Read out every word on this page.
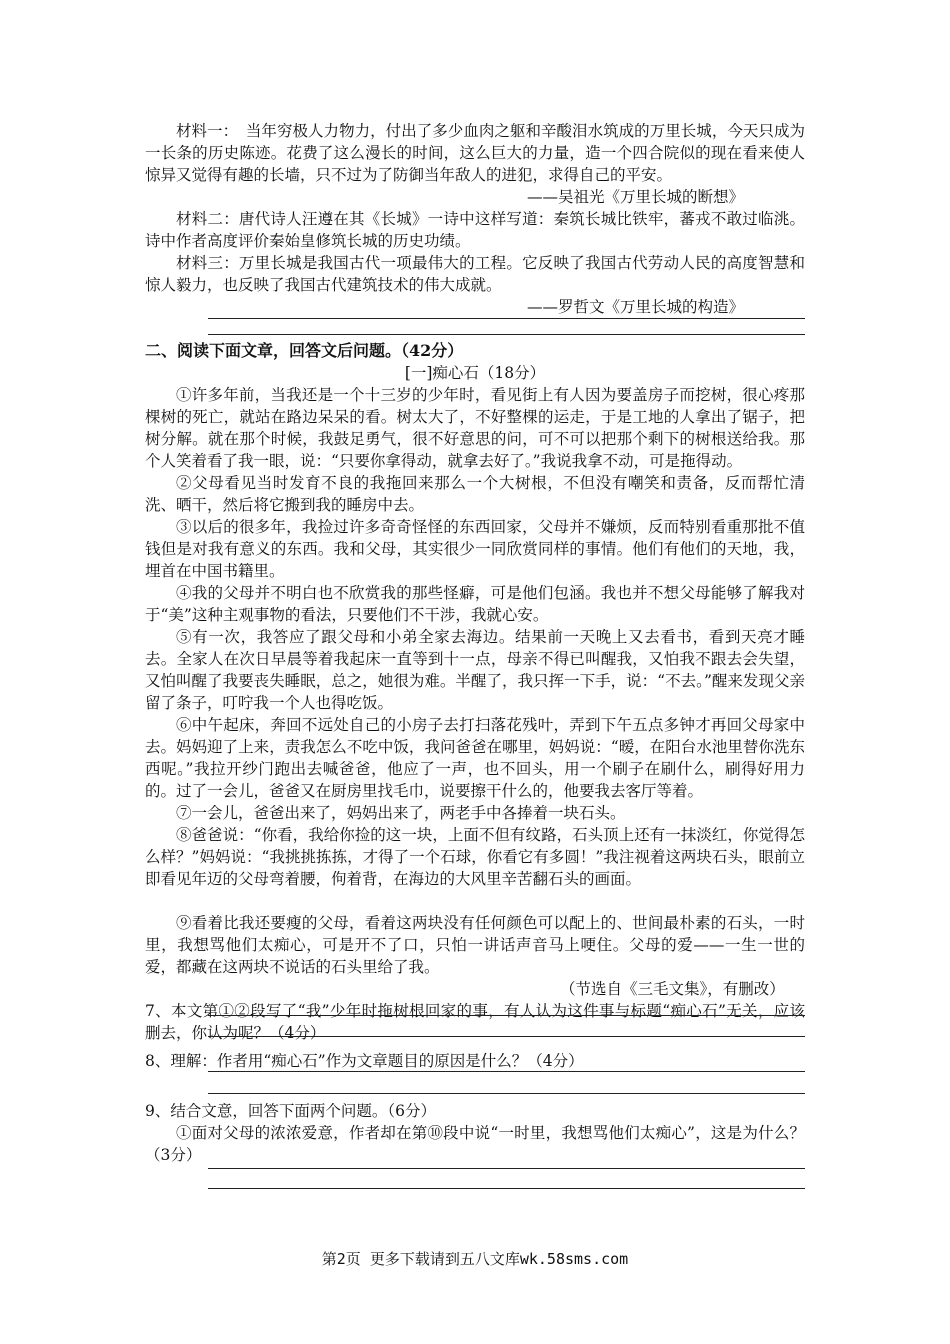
材料一：　当年穷极人力物力，付出了多少血肉之躯和辛酸泪水筑成的万里长城，今天只成为一长条的历史陈迹。花费了这么漫长的时间，这么巨大的力量，造一个四合院似的现在看来使人惊异又觉得有趣的长墙，只不过为了防御当年敌人的进犯，求得自己的平安。

——吴祖光《万里长城的断想》

材料二：唐代诗人汪遵在其《长城》一诗中这样写道：秦筑长城比铁牢，蕃戎不敢过临洮。诗中作者高度评价秦始皇修筑长城的历史功绩。

材料三：万里长城是我国古代一项最伟大的工程。它反映了我国古代劳动人民的高度智慧和惊人毅力，也反映了我国古代建筑技术的伟大成就。

——罗哲文《万里长城的构造》
二、阅读下面文章，回答文后问题。（42分）
[一]痴心石（18分）

①许多年前，当我还是一个十三岁的少年时，看见街上有人因为要盖房子而挖树，很心疼那棵树的死亡，就站在路边呆呆的看。树太大了，不好整棵的运走，于是工地的人拿出了锯子，把树分解。就在那个时候，我鼓足勇气，很不好意思的问，可不可以把那个剩下的树根送给我。那个人笑着看了我一眼，说：“只要你拿得动，就拿去好了。”我说我拿不动，可是拖得动。

②父母看见当时发育不良的我拖回来那么一个大树根，不但没有嘲笑和责备，反而帮忙清洗、晒干，然后将它搬到我的睡房中去。

③以后的很多年，我捡过许多奇奇怪怪的东西回家，父母并不嫌烦，反而特别看重那批不值钱但是对我有意义的东西。我和父母，其实很少一同欣赏同样的事情。他们有他们的天地，我，埋首在中国书籍里。

④我的父母并不明白也不欣赏我的那些怪癖，可是他们包涵。我也并不想父母能够了解我对于“美”这种主观事物的看法，只要他们不干涉，我就心安。

⑤有一次，我答应了跟父母和小弟全家去海边。结果前一天晚上又去看书，看到天亮才睡去。全家人在次日早晨等着我起床一直等到十一点，母亲不得已叫醒我，又怕我不跟去会失望，又怕叫醒了我要丧失睡眠，总之，她很为难。半醒了，我只挥一下手，说：“不去。”醒来发现父亲留了条子，叮咛我一个人也得吃饭。

⑥中午起床，奔回不远处自己的小房子去打扫落花残叶，弄到下午五点多钟才再回父母家中去。妈妈迎了上来，责我怎么不吃中饭，我问爸爸在哪里，妈妈说：“暧，在阳台水池里替你洗东西呢。”我拉开纱门跑出去喊爸爸，他应了一声，也不回头，用一个刷子在刷什么，刷得好用力的。过了一会儿，爸爸又在厨房里找毛巾，说要擦干什么的，他要我去客厅等着。

⑦一会儿，爸爸出来了，妈妈出来了，两老手中各捧着一块石头。

⑧爸爸说：“你看，我给你捡的这一块，上面不但有纹路，石头顶上还有一抹淡红，你觉得怎么样？”妈妈说：“我挑挑拣拣，才得了一个石球，你看它有多圆！”我注视着这两块石头，眼前立即看见年迈的父母弯着腰，佝着背，在海边的大风里辛苦翻石头的画面。

⑨看着比我还要瘦的父母，看着这两块没有任何颜色可以配上的、世间最朴素的石头，一时里，我想骂他们太痴心，可是开不了口，只怕一讲话声音马上哽住。父母的爱——一生一世的爱，都藏在这两块不说话的石头里给了我。

（节选自《三毛文集》，有删改）

7、本文第①②段写了“我”少年时拖树根回家的事，有人认为这件事与标题“痴心石”无关，应该删去，你认为呢？（4分）

8、理解：作者用“痴心石”作为文章题目的原因是什么？（4分）

9、结合文意，回答下面两个问题。（6分）

①面对父母的浓浓爱意，作者却在第⑩段中说“一时里，我想骂他们太痴心”，这是为什么？（3分）

第2页 更多下载请到五八文库wk.58sms.com
